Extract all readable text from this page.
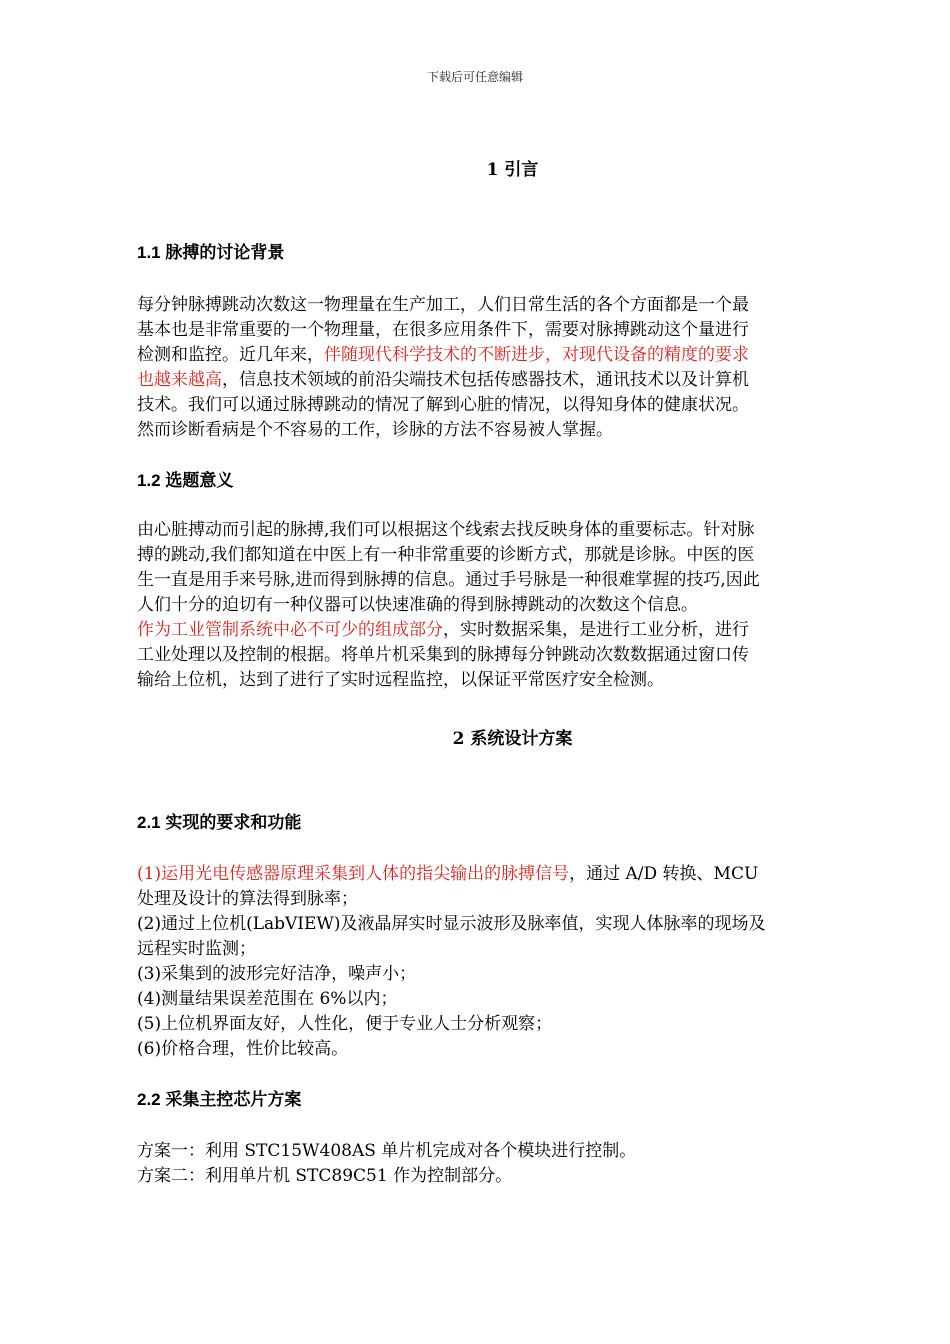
下载后可任意编辑
1 引言
1.1 脉搏的讨论背景
每分钟脉搏跳动次数这一物理量在生产加工，人们日常生活的各个方面都是一个最
基本也是非常重要的一个物理量，在很多应用条件下，需要对脉搏跳动这个量进行
检测和监控。近几年来，伴随现代科学技术的不断进步，对现代设备的精度的要求
也越来越高，信息技术领域的前沿尖端技术包括传感器技术，通讯技术以及计算机
技术。我们可以通过脉搏跳动的情况了解到心脏的情况，以得知身体的健康状况。
然而诊断看病是个不容易的工作，诊脉的方法不容易被人掌握。
1.2 选题意义
由心脏搏动而引起的脉搏,我们可以根据这个线索去找反映身体的重要标志。针对脉
搏的跳动,我们都知道在中医上有一种非常重要的诊断方式，那就是诊脉。中医的医
生一直是用手来号脉,进而得到脉搏的信息。通过手号脉是一种很难掌握的技巧,因此
人们十分的迫切有一种仪器可以快速准确的得到脉搏跳动的次数这个信息。
作为工业管制系统中必不可少的组成部分，实时数据采集，是进行工业分析，进行
工业处理以及控制的根据。将单片机采集到的脉搏每分钟跳动次数数据通过窗口传
输给上位机，达到了进行了实时远程监控，以保证平常医疗安全检测。
2 系统设计方案
2.1 实现的要求和功能
(1)运用光电传感器原理采集到人体的指尖输出的脉搏信号，通过 A/D 转换、MCU
处理及设计的算法得到脉率；
(2)通过上位机(LabVIEW)及液晶屏实时显示波形及脉率值，实现人体脉率的现场及
远程实时监测；
(3)采集到的波形完好洁净，噪声小；
(4)测量结果误差范围在 6%以内；
(5)上位机界面友好，人性化，便于专业人士分析观察；
(6)价格合理，性价比较高。
2.2 采集主控芯片方案
方案一：利用 STC15W408AS 单片机完成对各个模块进行控制。
方案二：利用单片机 STC89C51 作为控制部分。
